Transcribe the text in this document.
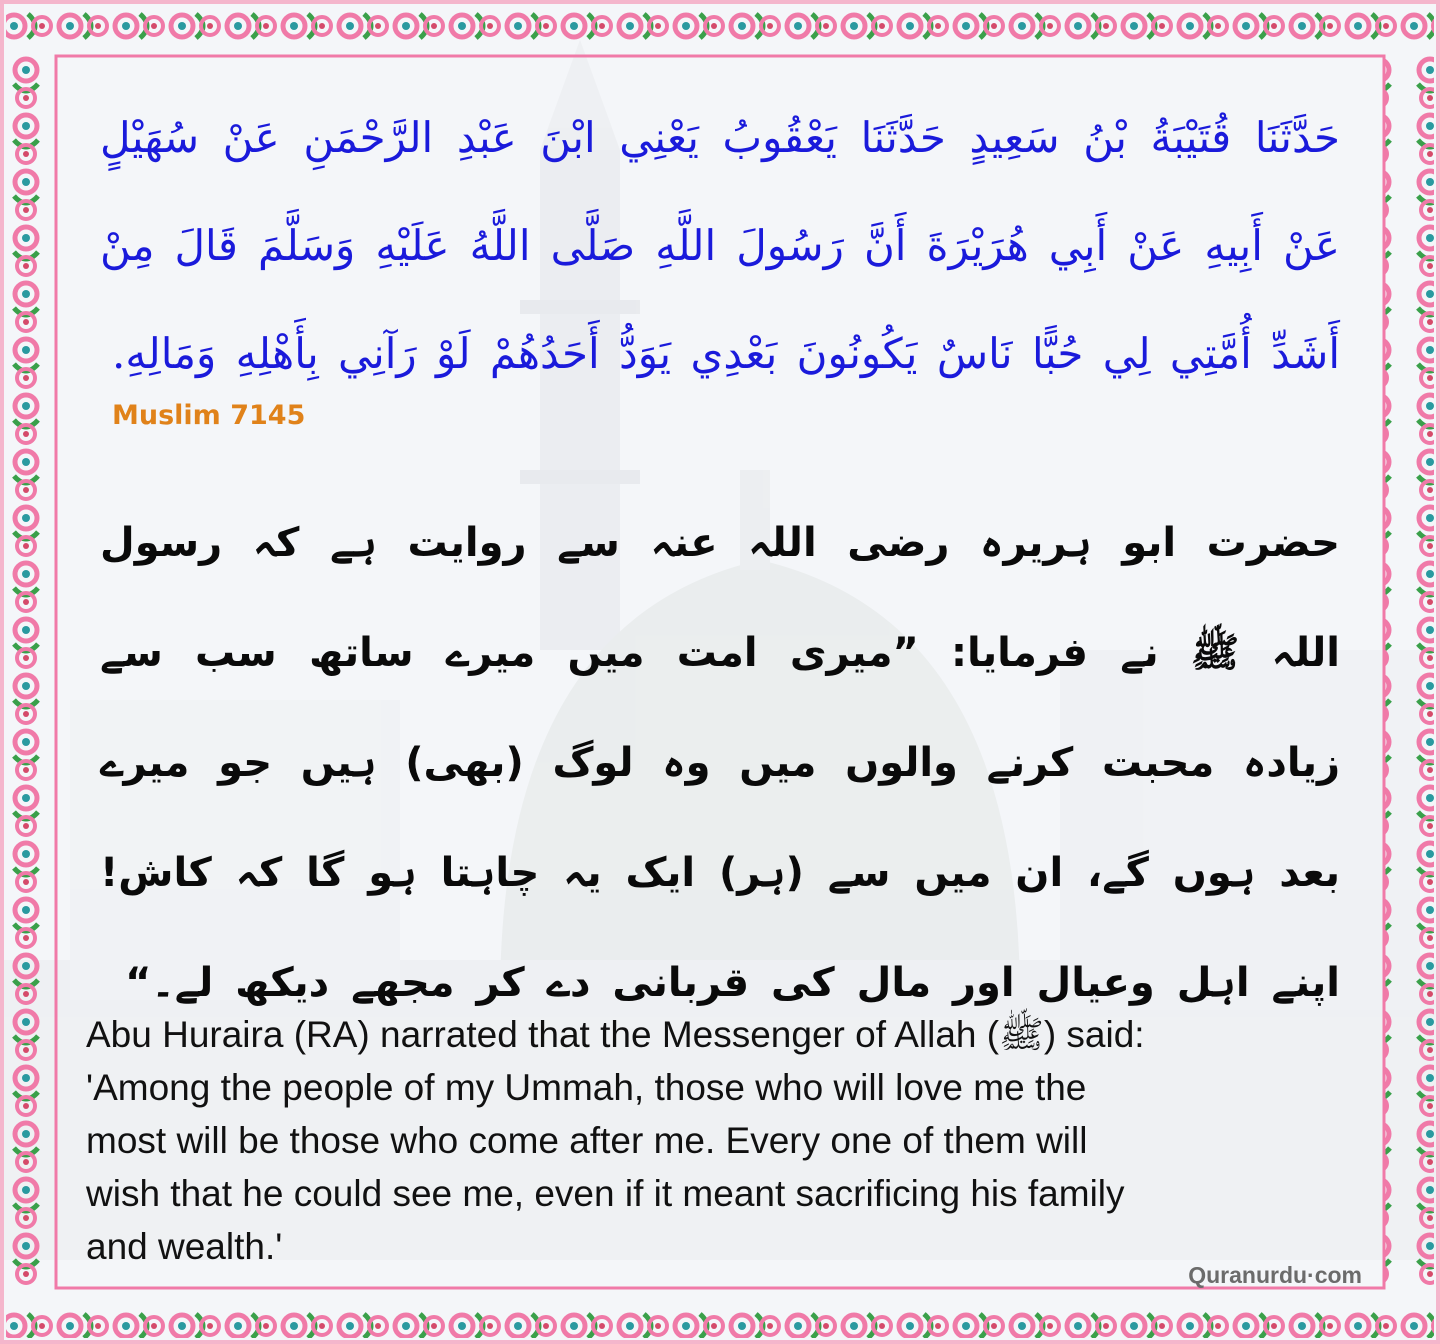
حَدَّثَنَا قُتَيْبَةُ بْنُ سَعِيدٍ حَدَّثَنَا يَعْقُوبُ يَعْنِي ابْنَ عَبْدِ الرَّحْمَنِ عَنْ سُهَيْلٍ عَنْ أَبِيهِ عَنْ أَبِي هُرَيْرَةَ أَنَّ رَسُولَ اللَّهِ صَلَّى اللَّهُ عَلَيْهِ وَسَلَّمَ قَالَ مِنْ أَشَدِّ أُمَّتِي لِي حُبًّا نَاسٌ يَكُونُونَ بَعْدِي يَوَدُّ أَحَدُهُمْ لَوْ رَآنِي بِأَهْلِهِ وَمَالِهِ.
Muslim 7145
حضرت ابو ہریرہ رضی اللہ عنہ سے روایت ہے کہ رسول اللہ ﷺ نے فرمایا: ”میری امت میں میرے ساتھ سب سے زیادہ محبت کرنے والوں میں وہ لوگ (بھی) ہیں جو میرے بعد ہوں گے، ان میں سے (ہر) ایک یہ چاہتا ہو گا کہ کاش! اپنے اہل وعیال اور مال کی قربانی دے کر مجھے دیکھ لے۔“
Abu Huraira (RA) narrated that the Messenger of Allah (ﷺ) said:
'Among the people of my Ummah, those who will love me the
most will be those who come after me. Every one of them will
wish that he could see me, even if it meant sacrificing his family
and wealth.'
Quranurdu·com
